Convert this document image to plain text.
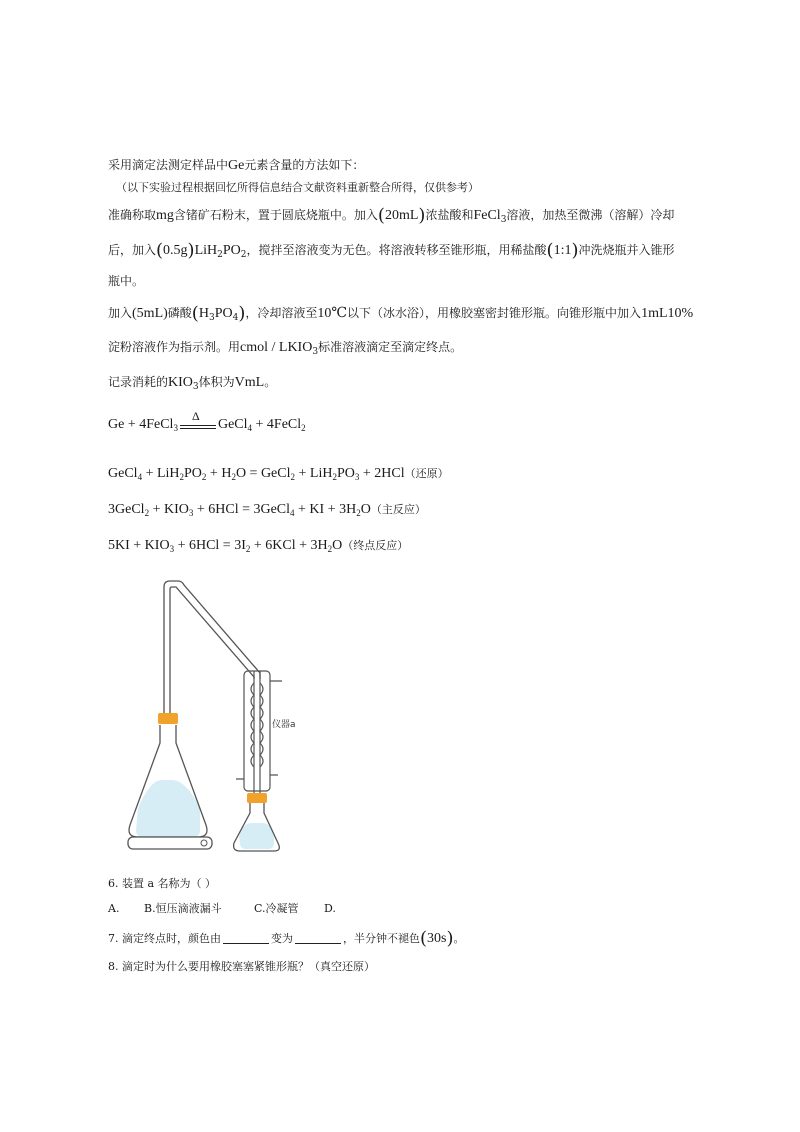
采用滴定法测定样品中Ge元素含量的方法如下：
（以下实验过程根据回忆所得信息结合文献资料重新整合所得，仅供参考）
准确称取mg含锗矿石粉末，置于圆底烧瓶中。加入(20mL)浓盐酸和FeCl$_3$溶液，加热至微沸（溶解）冷却
后，加入$(0.5g)LiH_2PO_2$，搅拌至溶液变为无色。将溶液转移至锥形瓶，用稀盐酸(1:1)冲洗烧瓶并入锥形
瓶中。
加入(5mL)磷酸$(H_3PO_4)$，冷却溶液至10℃以下（冰水浴），用橡胶塞密封锥形瓶。向锥形瓶中加入1mL10%
淀粉溶液作为指示剂。用cmol / $LKIO_3$标准溶液滴定至滴定终点。
记录消耗的$KIO_3$体积为VmL。
Ge + 4FeCl$_3$
Δ
GeCl$_4$ + 4FeCl$_2$
GeCl$_4$ + $LiH_2PO_2 + H_2O$ = GeCl$_2$ + $LiH_2PO_3 + 2HCl$（还原）
3GeCl$_2$ + $KIO_3 + 6HCl$ = 3GeCl$_4$ + KI + $3H_2O$（主反应）
$5KI + KIO_3 + 6HCl = 3I_2 + 6KCl + 3H_2O$（终点反应）
仪器a
6. 装置 a 名称为（ ）
A. B.恒压滴液漏斗	C.冷凝管 D.
7. 滴定终点时，颜色由	变为	，半分钟不褪色(30s)。
8. 滴定时为什么要用橡胶塞塞紧锥形瓶？（真空还原）
